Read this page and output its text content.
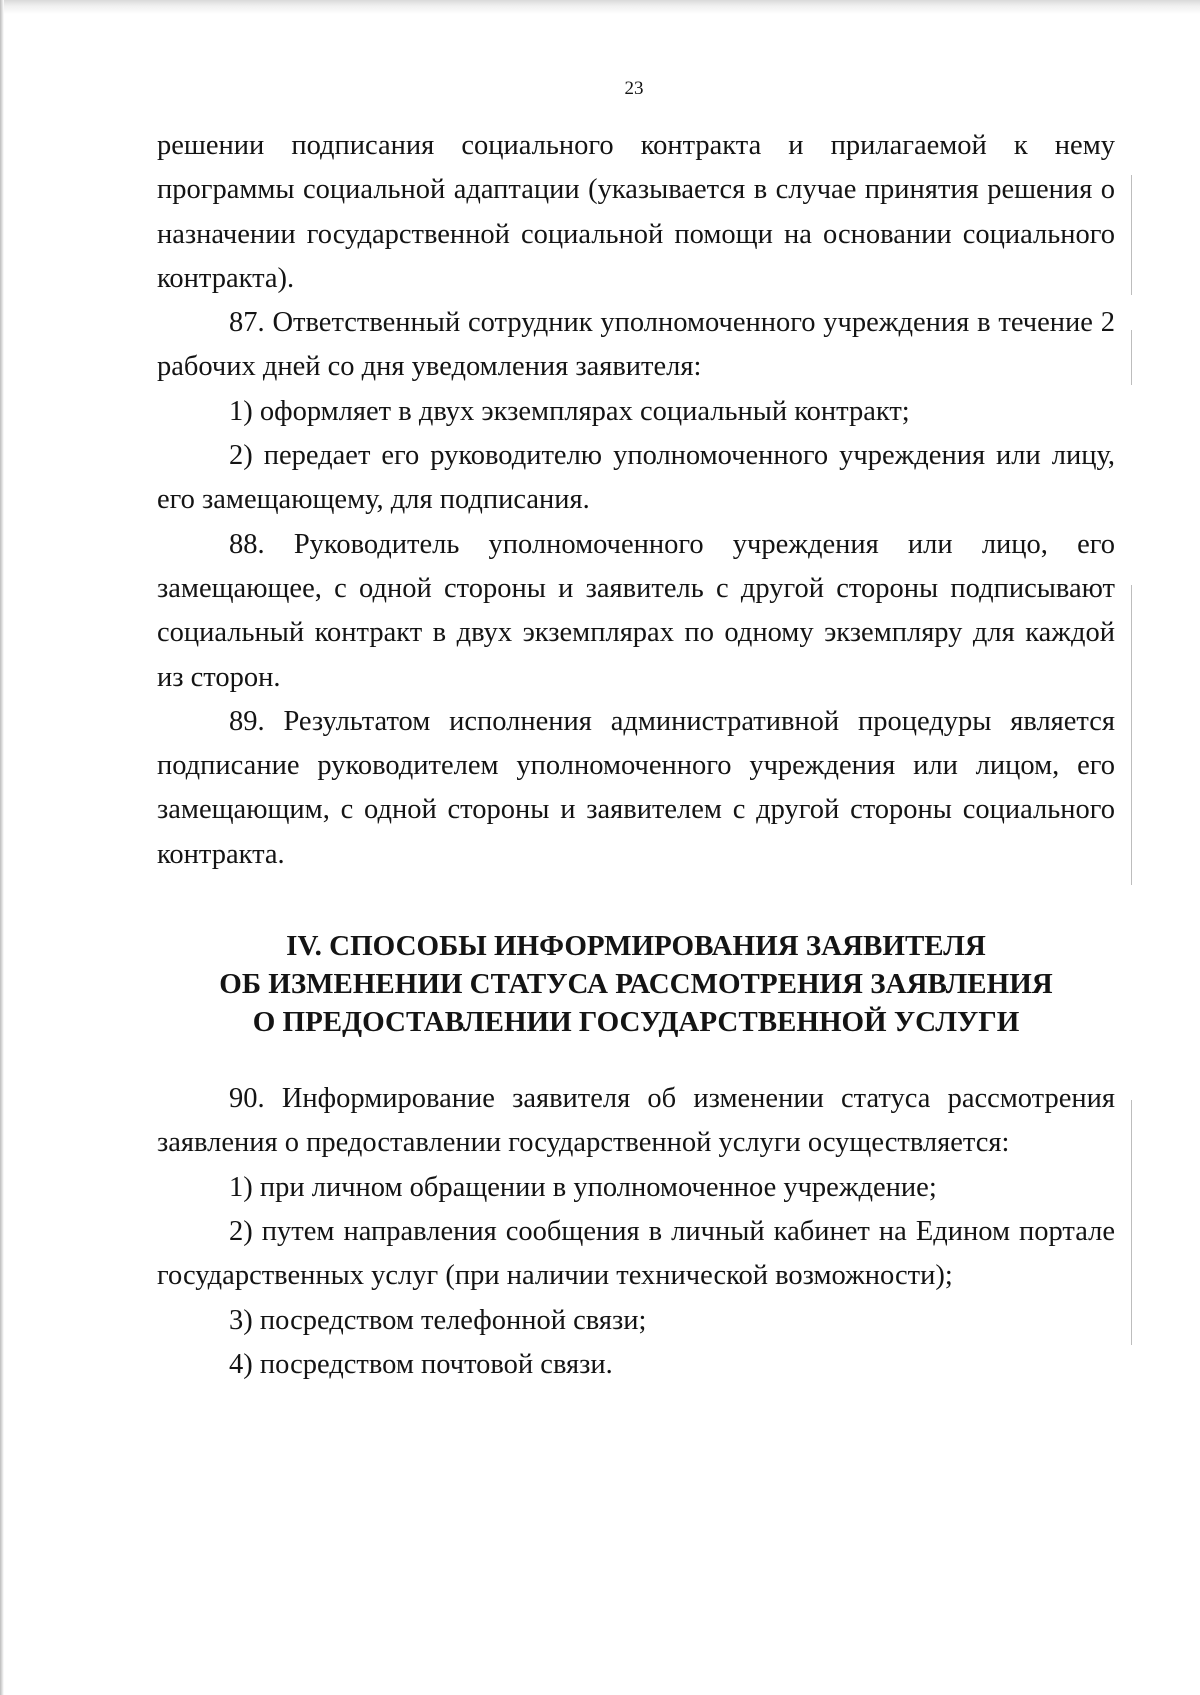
23

решении подписания социального контракта и прилагаемой к нему программы социальной адаптации (указывается в случае принятия решения о назначении государственной социальной помощи на основании социального контракта).

87. Ответственный сотрудник уполномоченного учреждения в течение 2 рабочих дней со дня уведомления заявителя:

1) оформляет в двух экземплярах социальный контракт;

2) передает его руководителю уполномоченного учреждения или лицу, его замещающему, для подписания.

88. Руководитель уполномоченного учреждения или лицо, его замещающее, с одной стороны и заявитель с другой стороны подписывают социальный контракт в двух экземплярах по одному экземпляру для каждой из сторон.

89. Результатом исполнения административной процедуры является подписание руководителем уполномоченного учреждения или лицом, его замещающим, с одной стороны и заявителем с другой стороны социального контракта.

IV. СПОСОБЫ ИНФОРМИРОВАНИЯ ЗАЯВИТЕЛЯ
ОБ ИЗМЕНЕНИИ СТАТУСА РАССМОТРЕНИЯ ЗАЯВЛЕНИЯ
О ПРЕДОСТАВЛЕНИИ ГОСУДАРСТВЕННОЙ УСЛУГИ

90. Информирование заявителя об изменении статуса рассмотрения заявления о предоставлении государственной услуги осуществляется:

1) при личном обращении в уполномоченное учреждение;

2) путем направления сообщения в личный кабинет на Едином портале государственных услуг (при наличии технической возможности);

3) посредством телефонной связи;

4) посредством почтовой связи.
